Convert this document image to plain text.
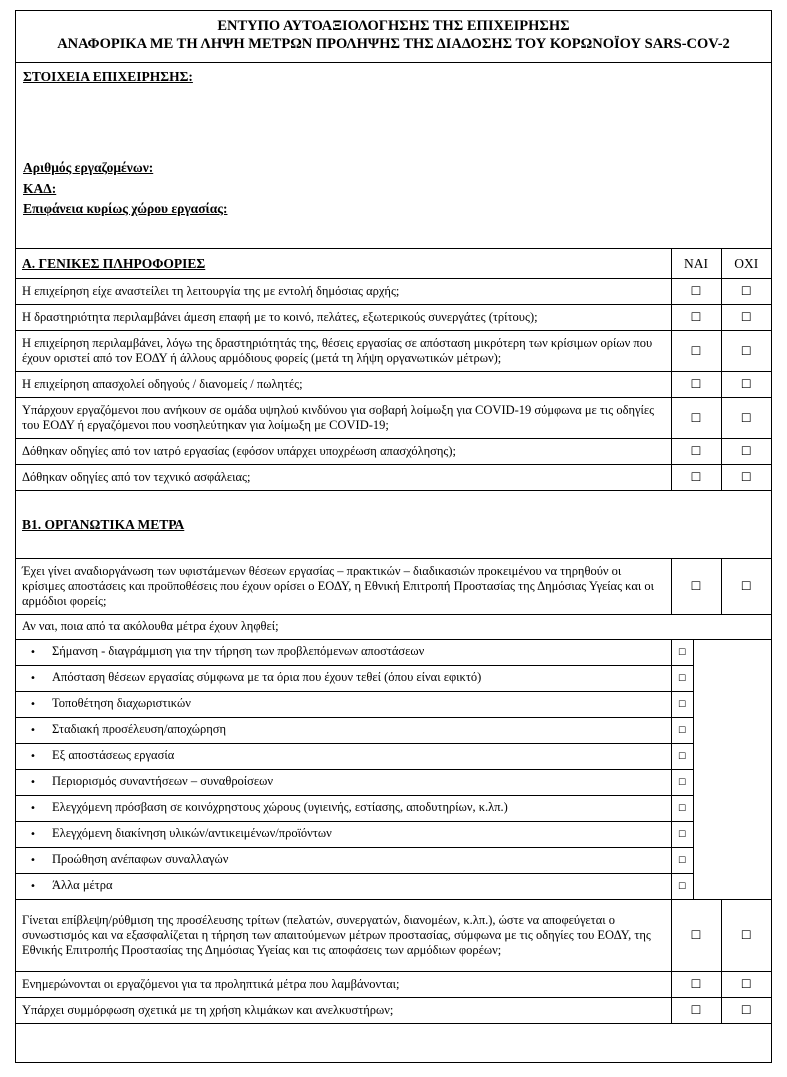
ΕΝΤΥΠΟ ΑΥΤΟΑΞΙΟΛΟΓΗΣΗΣ ΤΗΣ ΕΠΙΧΕΙΡΗΣΗΣ
ΑΝΑΦΟΡΙΚΑ ΜΕ ΤΗ ΛΗΨΗ ΜΕΤΡΩΝ ΠΡΟΛΗΨΗΣ ΤΗΣ ΔΙΑΔΟΣΗΣ ΤΟΥ ΚΟΡΩΝΟΪΟΥ SARS-COV-2
ΣΤΟΙΧΕΙΑ ΕΠΙΧΕΙΡΗΣΗΣ:
Αριθμός εργαζομένων:
ΚΑΔ:
Επιφάνεια κυρίως χώρου εργασίας:
Α. ΓΕΝΙΚΕΣ ΠΛΗΡΟΦΟΡΙΕΣ	ΝΑΙ	ΟΧΙ
Η επιχείρηση είχε αναστείλει τη λειτουργία της με εντολή δημόσιας αρχής;	☐	☐
Η δραστηριότητα περιλαμβάνει άμεση επαφή με το κοινό, πελάτες, εξωτερικούς συνεργάτες (τρίτους);	☐	☐
Η επιχείρηση περιλαμβάνει, λόγω της δραστηριότητάς της, θέσεις εργασίας σε απόσταση μικρότερη των κρίσιμων ορίων που έχουν οριστεί από τον ΕΟΔΥ ή άλλους αρμόδιους φορείς (μετά τη λήψη οργανωτικών μέτρων);	☐	☐
Η επιχείρηση απασχολεί οδηγούς / διανομείς / πωλητές;	☐	☐
Υπάρχουν εργαζόμενοι που ανήκουν σε ομάδα υψηλού κινδύνου για σοβαρή λοίμωξη για COVID-19 σύμφωνα με τις οδηγίες του ΕΟΔΥ ή εργαζόμενοι που νοσηλεύτηκαν για λοίμωξη με COVID-19;	☐	☐
Δόθηκαν οδηγίες από τον ιατρό εργασίας (εφόσον υπάρχει υποχρέωση απασχόλησης);	☐	☐
Δόθηκαν οδηγίες από τον τεχνικό ασφάλειας;	☐	☐
Β1. ΟΡΓΑΝΩΤΙΚΑ ΜΕΤΡΑ		
Έχει γίνει αναδιοργάνωση των υφιστάμενων θέσεων εργασίας – πρακτικών – διαδικασιών προκειμένου να τηρηθούν οι κρίσιμες αποστάσεις και προϋποθέσεις που έχουν ορίσει ο ΕΟΔΥ, η Εθνική Επιτροπή Προστασίας της Δημόσιας Υγείας και οι αρμόδιοι φορείς;	☐	☐
Αν ναι, ποια από τα ακόλουθα μέτρα έχουν ληφθεί;		
• Σήμανση - διαγράμμιση για την τήρηση των προβλεπόμενων αποστάσεων	☐	
• Απόσταση θέσεων εργασίας σύμφωνα με τα όρια που έχουν τεθεί (όπου είναι εφικτό)	☐	
• Τοποθέτηση διαχωριστικών	☐	
• Σταδιακή προσέλευση/αποχώρηση	☐	
• Εξ αποστάσεως εργασία	☐	
• Περιορισμός συναντήσεων – συναθροίσεων	☐	
• Ελεγχόμενη πρόσβαση σε κοινόχρηστους χώρους (υγιεινής, εστίασης, αποδυτηρίων, κ.λπ.)	☐	
• Ελεγχόμενη διακίνηση υλικών/αντικειμένων/προϊόντων	☐	
• Προώθηση ανέπαφων συναλλαγών	☐	
• Άλλα μέτρα	☐	
Γίνεται επίβλεψη/ρύθμιση της προσέλευσης τρίτων (πελατών, συνεργατών, διανομέων, κ.λπ.), ώστε να αποφεύγεται ο συνωστισμός και να εξασφαλίζεται η τήρηση των απαιτούμενων μέτρων προστασίας, σύμφωνα με τις οδηγίες του ΕΟΔΥ, της Εθνικής Επιτροπής Προστασίας της Δημόσιας Υγείας και τις αποφάσεις των αρμόδιων φορέων;	☐	☐
Ενημερώνονται οι εργαζόμενοι για τα προληπτικά μέτρα που λαμβάνονται;	☐	☐
Υπάρχει συμμόρφωση σχετικά με τη χρήση κλιμάκων και ανελκυστήρων;	☐	☐
